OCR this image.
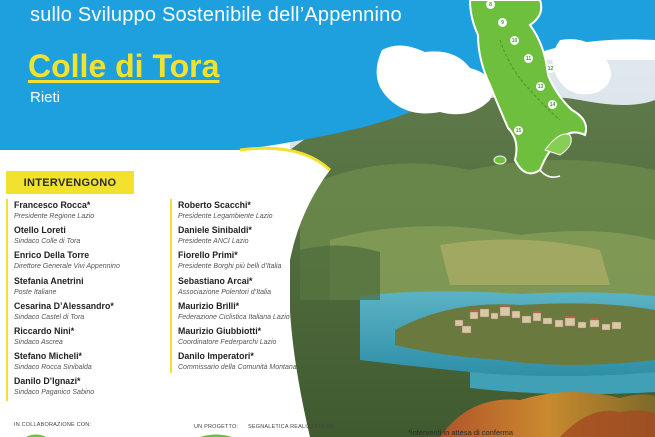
8
9
10
11
12
13
14
15
sullo Sviluppo Sostenibile dell’Appennino
Colle di Tora
Rieti
INTERVENGONO
Francesco Rocca*
Presidente Regione Lazio
Otello Loreti
Sindaco Colle di Tora
Enrico Della Torre
Direttore Generale Vivi Appennino
Stefania Anetrini
Poste Italiane
Cesarina D’Alessandro*
Sindaco Castel di Tora
Riccardo Nini*
Sindaco Ascrea
Stefano Micheli*
Sindaco Rocca Sinibalda
Danilo D’Ignazi*
Sindaco Paganico Sabino
Roberto Scacchi*
Presidente Legambiente Lazio
Daniele Sinibaldi*
Presidente ANCI Lazio
Fiorello Primi*
Presidente Borghi più belli d’Italia
Sebastiano Arcai*
Associazione Polentori d’Italia
Maurizio Brilli*
Federazione Ciclistica Italiana Lazio
Maurizio Giubbiotti*
Coordinatore Federparchi Lazio
Danilo Imperatori*
Commissario della Comunità Montana
IN COLLABORAZIONE CON:	UN PROGETTO: SEGNALETICA REALIZZATA DA:
*interventi in attesa di conferma
